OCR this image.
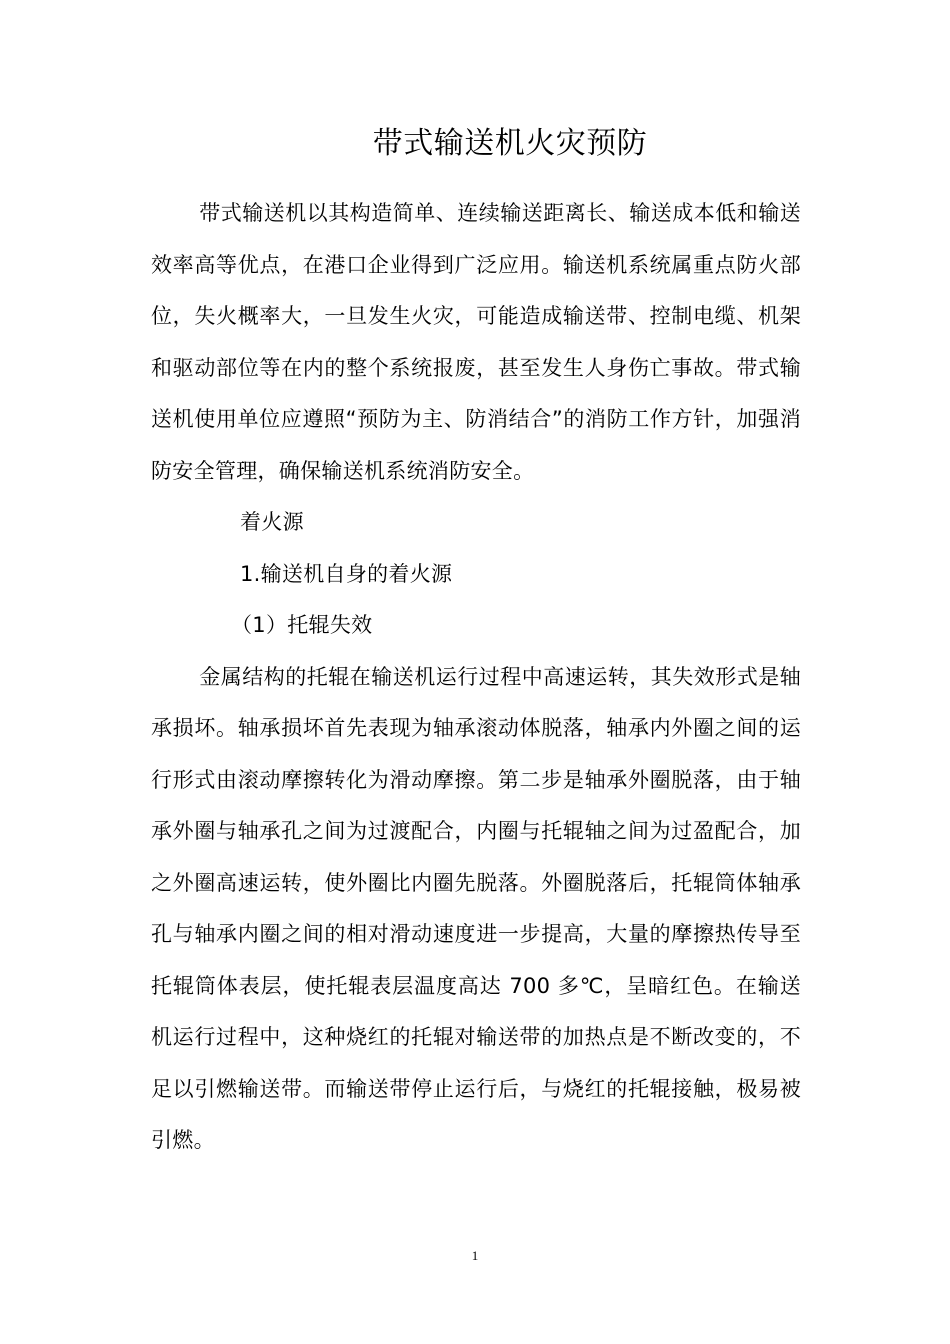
带式输送机火灾预防

带式输送机以其构造简单、连续输送距离长、输送成本低和输送效率高等优点，在港口企业得到广泛应用。输送机系统属重点防火部位，失火概率大，一旦发生火灾，可能造成输送带、控制电缆、机架和驱动部位等在内的整个系统报废，甚至发生人身伤亡事故。带式输送机使用单位应遵照“预防为主、防消结合”的消防工作方针，加强消防安全管理，确保输送机系统消防安全。

着火源

1.输送机自身的着火源

（1）托辊失效

金属结构的托辊在输送机运行过程中高速运转，其失效形式是轴承损坏。轴承损坏首先表现为轴承滚动体脱落，轴承内外圈之间的运行形式由滚动摩擦转化为滑动摩擦。第二步是轴承外圈脱落，由于轴承外圈与轴承孔之间为过渡配合，内圈与托辊轴之间为过盈配合，加之外圈高速运转，使外圈比内圈先脱落。外圈脱落后，托辊筒体轴承孔与轴承内圈之间的相对滑动速度进一步提高，大量的摩擦热传导至托辊筒体表层，使托辊表层温度高达 700 多℃，呈暗红色。在输送机运行过程中，这种烧红的托辊对输送带的加热点是不断改变的，不足以引燃输送带。而输送带停止运行后，与烧红的托辊接触，极易被引燃。

1
